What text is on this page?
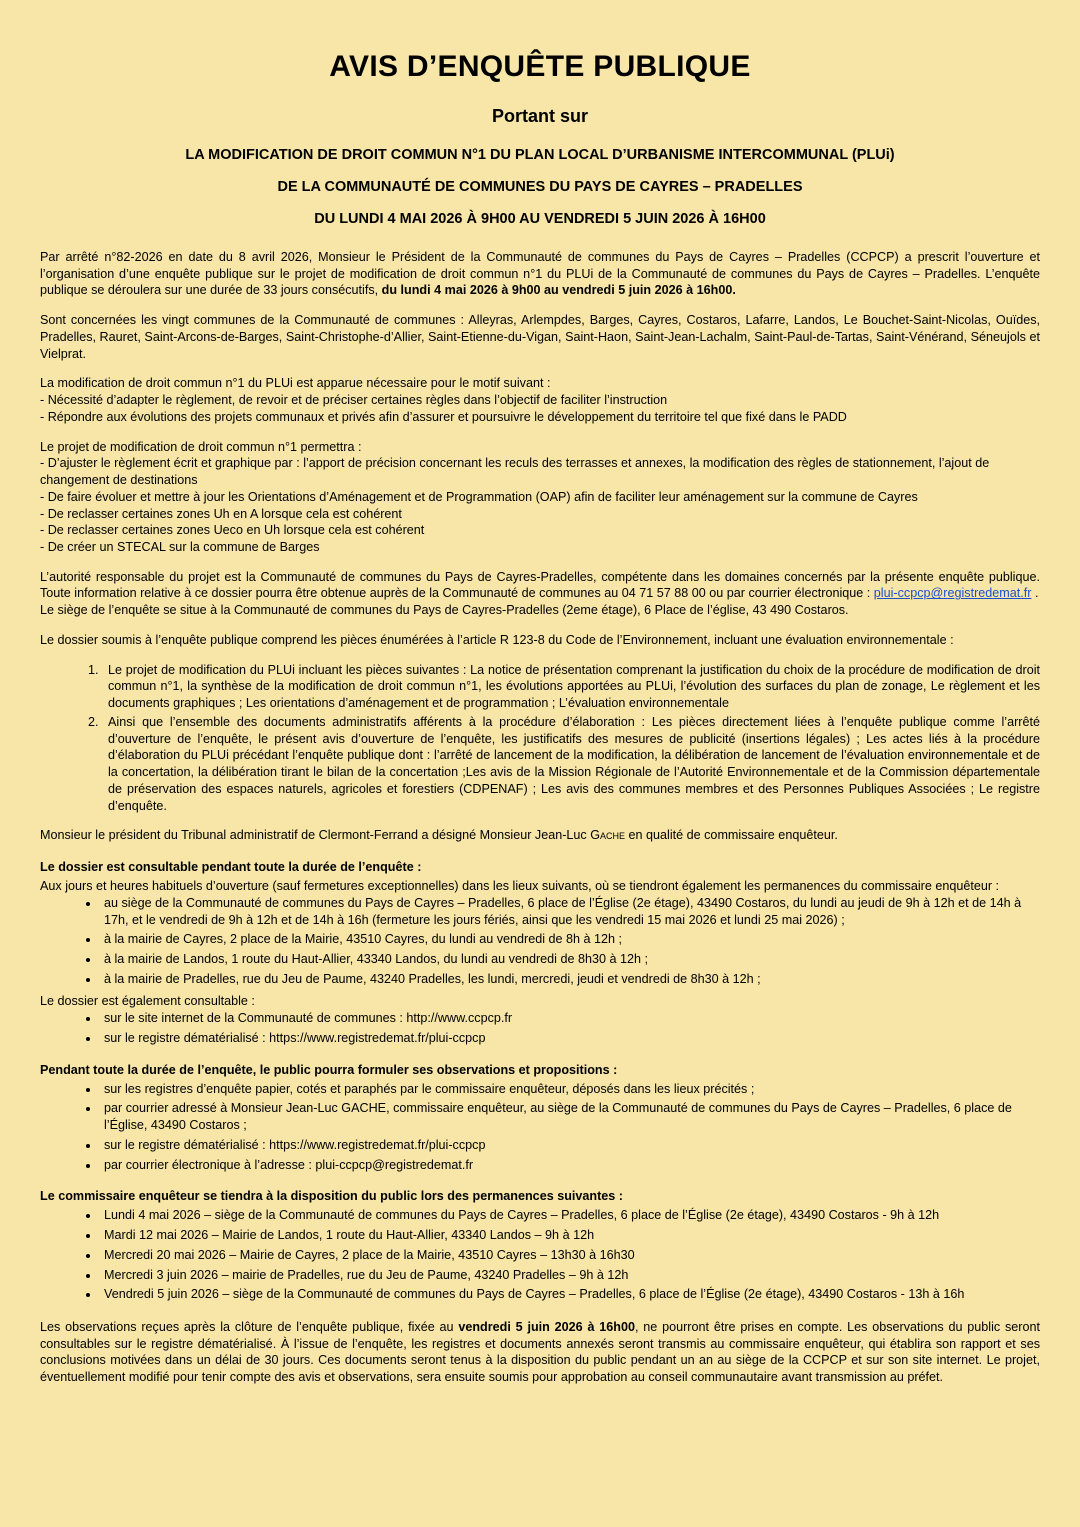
AVIS D’ENQUÊTE PUBLIQUE
Portant sur
LA MODIFICATION DE DROIT COMMUN N°1 DU PLAN LOCAL D’URBANISME INTERCOMMUNAL (PLUi)
DE LA COMMUNAUTÉ DE COMMUNES DU PAYS DE CAYRES – PRADELLES
DU LUNDI 4 MAI 2026 À 9H00 AU VENDREDI 5 JUIN 2026 À 16H00

Par arrêté n°82-2026 en date du 8 avril 2026, Monsieur le Président de la Communauté de communes du Pays de Cayres – Pradelles (CCPCP) a prescrit l’ouverture et l’organisation d’une enquête publique sur le projet de modification de droit commun n°1 du PLUi de la Communauté de communes du Pays de Cayres – Pradelles. L’enquête publique se déroulera sur une durée de 33 jours consécutifs, du lundi 4 mai 2026 à 9h00 au vendredi 5 juin 2026 à 16h00.

Sont concernées les vingt communes de la Communauté de communes : Alleyras, Arlempdes, Barges, Cayres, Costaros, Lafarre, Landos, Le Bouchet-Saint-Nicolas, Ouïdes, Pradelles, Rauret, Saint-Arcons-de-Barges, Saint-Christophe-d’Allier, Saint-Etienne-du-Vigan, Saint-Haon, Saint-Jean-Lachalm, Saint-Paul-de-Tartas, Saint-Vénérand, Séneujols et Vielprat.

La modification de droit commun n°1 du PLUi est apparue nécessaire pour le motif suivant :

- Nécessité d’adapter le règlement, de revoir et de préciser certaines règles dans l’objectif de faciliter l’instruction

- Répondre aux évolutions des projets communaux et privés afin d’assurer et poursuivre le développement du territoire tel que fixé dans le PADD

Le projet de modification de droit commun n°1 permettra :

- D’ajuster le règlement écrit et graphique par : l’apport de précision concernant les reculs des terrasses et annexes, la modification des règles de stationnement, l’ajout de changement de destinations

- De faire évoluer et mettre à jour les Orientations d’Aménagement et de Programmation (OAP) afin de faciliter leur aménagement sur la commune de Cayres

- De reclasser certaines zones Uh en A lorsque cela est cohérent

- De reclasser certaines zones Ueco en Uh lorsque cela est cohérent

- De créer un STECAL sur la commune de Barges

L’autorité responsable du projet est la Communauté de communes du Pays de Cayres-Pradelles, compétente dans les domaines concernés par la présente enquête publique. Toute information relative à ce dossier pourra être obtenue auprès de la Communauté de communes au 04 71 57 88 00 ou par courrier électronique : plui-ccpcp@registredemat.fr .

Le siège de l’enquête se situe à la Communauté de communes du Pays de Cayres-Pradelles (2eme étage), 6 Place de l’église, 43 490 Costaros.

Le dossier soumis à l’enquête publique comprend les pièces énumérées à l’article R 123-8 du Code de l’Environnement, incluant une évaluation environnementale :

1. Le projet de modification du PLUi incluant les pièces suivantes : La notice de présentation comprenant la justification du choix de la procédure de modification de droit commun n°1, la synthèse de la modification de droit commun n°1, les évolutions apportées au PLUi, l’évolution des surfaces du plan de zonage, Le règlement et les documents graphiques ; Les orientations d’aménagement et de programmation ; L’évaluation environnementale
2. Ainsi que l’ensemble des documents administratifs afférents à la procédure d’élaboration : Les pièces directement liées à l’enquête publique comme l’arrêté d’ouverture de l’enquête, le présent avis d’ouverture de l’enquête, les justificatifs des mesures de publicité (insertions légales) ; Les actes liés à la procédure d’élaboration du PLUi précédant l’enquête publique dont : l’arrêté de lancement de la modification, la délibération de lancement de l’évaluation environnementale et de la concertation, la délibération tirant le bilan de la concertation ;Les avis de la Mission Régionale de l’Autorité Environnementale et de la Commission départementale de préservation des espaces naturels, agricoles et forestiers (CDPENAF) ; Les avis des communes membres et des Personnes Publiques Associées ; Le registre d’enquête.

Monsieur le président du Tribunal administratif de Clermont-Ferrand a désigné Monsieur Jean-Luc Gache en qualité de commissaire enquêteur.

Le dossier est consultable pendant toute la durée de l’enquête :

Aux jours et heures habituels d’ouverture (sauf fermetures exceptionnelles) dans les lieux suivants, où se tiendront également les permanences du commissaire enquêteur :

• au siège de la Communauté de communes du Pays de Cayres – Pradelles, 6 place de l’Église (2e étage), 43490 Costaros, du lundi au jeudi de 9h à 12h et de 14h à 17h, et le vendredi de 9h à 12h et de 14h à 16h (fermeture les jours fériés, ainsi que les vendredi 15 mai 2026 et lundi 25 mai 2026) ;
• à la mairie de Cayres, 2 place de la Mairie, 43510 Cayres, du lundi au vendredi de 8h à 12h ;
• à la mairie de Landos, 1 route du Haut-Allier, 43340 Landos, du lundi au vendredi de 8h30 à 12h ;
• à la mairie de Pradelles, rue du Jeu de Paume, 43240 Pradelles, les lundi, mercredi, jeudi et vendredi de 8h30 à 12h ;

Le dossier est également consultable :

• sur le site internet de la Communauté de communes : http://www.ccpcp.fr
• sur le registre dématérialisé : https://www.registredemat.fr/plui-ccpcp
Pendant toute la durée de l’enquête, le public pourra formuler ses observations et propositions :
• sur les registres d’enquête papier, cotés et paraphés par le commissaire enquêteur, déposés dans les lieux précités ;
• par courrier adressé à Monsieur Jean-Luc GACHE, commissaire enquêteur, au siège de la Communauté de communes du Pays de Cayres – Pradelles, 6 place de l’Église, 43490 Costaros ;
• sur le registre dématérialisé : https://www.registredemat.fr/plui-ccpcp
• par courrier électronique à l’adresse : plui-ccpcp@registredemat.fr
Le commissaire enquêteur se tiendra à la disposition du public lors des permanences suivantes :
• Lundi 4 mai 2026 – siège de la Communauté de communes du Pays de Cayres – Pradelles, 6 place de l’Église (2e étage), 43490 Costaros - 9h à 12h
• Mardi 12 mai 2026 – Mairie de Landos, 1 route du Haut-Allier, 43340 Landos – 9h à 12h
• Mercredi 20 mai 2026 – Mairie de Cayres, 2 place de la Mairie, 43510 Cayres – 13h30 à 16h30
• Mercredi 3 juin 2026 – mairie de Pradelles, rue du Jeu de Paume, 43240 Pradelles – 9h à 12h
• Vendredi 5 juin 2026 – siège de la Communauté de communes du Pays de Cayres – Pradelles, 6 place de l’Église (2e étage), 43490 Costaros - 13h à 16h

Les observations reçues après la clôture de l’enquête publique, fixée au vendredi 5 juin 2026 à 16h00, ne pourront être prises en compte. Les observations du public seront consultables sur le registre dématérialisé. À l’issue de l’enquête, les registres et documents annexés seront transmis au commissaire enquêteur, qui établira son rapport et ses conclusions motivées dans un délai de 30 jours. Ces documents seront tenus à la disposition du public pendant un an au siège de la CCPCP et sur son site internet. Le projet, éventuellement modifié pour tenir compte des avis et observations, sera ensuite soumis pour approbation au conseil communautaire avant transmission au préfet.
